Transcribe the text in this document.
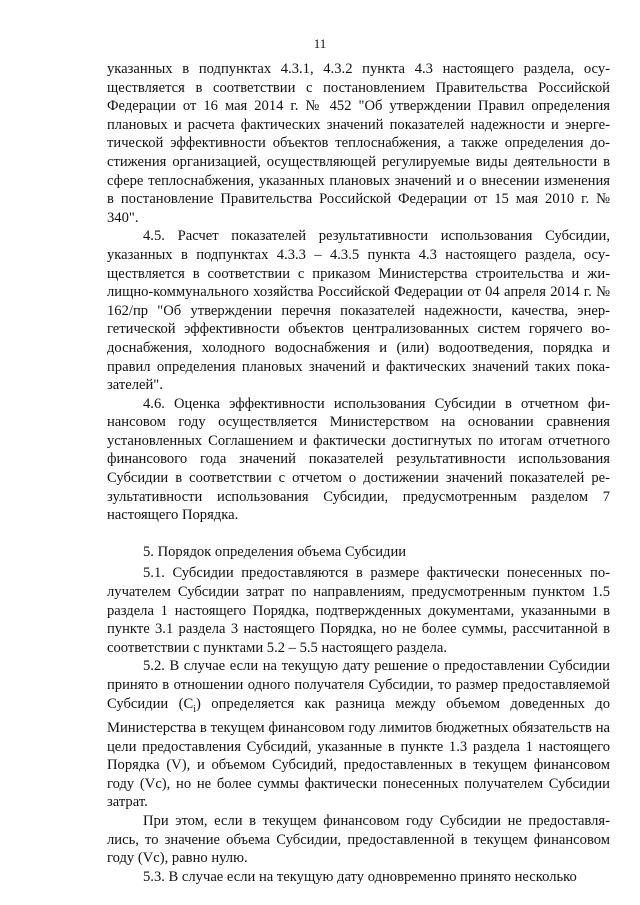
11

указанных в подпунктах 4.3.1, 4.3.2 пункта 4.3 настоящего раздела, осуществляется в соответствии с постановлением Правительства Российской Федерации от 16 мая 2014 г. № 452 "Об утверждении Правил определения плановых и расчета фактических значений показателей надежности и энергетической эффективности объектов теплоснабжения, а также определения достижения организацией, осуществляющей регулируемые виды деятельности в сфере теплоснабжения, указанных плановых значений и о внесении изменения в постановление Правительства Российской Федерации от 15 мая 2010 г. № 340".

4.5. Расчет показателей результативности использования Субсидии, указанных в подпунктах 4.3.3 – 4.3.5 пункта 4.3 настоящего раздела, осуществляется в соответствии с приказом Министерства строительства и жилищно-коммунального хозяйства Российской Федерации от 04 апреля 2014 г. № 162/пр "Об утверждении перечня показателей надежности, качества, энергетической эффективности объектов централизованных систем горячего водоснабжения, холодного водоснабжения и (или) водоотведения, порядка и правил определения плановых значений и фактических значений таких показателей".

4.6. Оценка эффективности использования Субсидии в отчетном финансовом году осуществляется Министерством на основании сравнения установленных Соглашением и фактически достигнутых по итогам отчетного финансового года значений показателей результативности использования Субсидии в соответствии с отчетом о достижении значений показателей результативности использования Субсидии, предусмотренным разделом 7 настоящего Порядка.

5. Порядок определения объема Субсидии

5.1. Субсидии предоставляются в размере фактически понесенных получателем Субсидии затрат по направлениям, предусмотренным пунктом 1.5 раздела 1 настоящего Порядка, подтвержденных документами, указанными в пункте 3.1 раздела 3 настоящего Порядка, но не более суммы, рассчитанной в соответствии с пунктами 5.2 – 5.5 настоящего раздела.

5.2. В случае если на текущую дату решение о предоставлении Субсидии принято в отношении одного получателя Субсидии, то размер предоставляемой Субсидии $(С_i)$ определяется как разница между объемом доведенных до Министерства в текущем финансовом году лимитов бюджетных обязательств на цели предоставления Субсидий, указанные в пункте 1.3 раздела 1 настоящего Порядка (V), и объемом Субсидий, предоставленных в текущем финансовом году (Vc), но не более суммы фактически понесенных получателем Субсидии затрат.

При этом, если в текущем финансовом году Субсидии не предоставлялись, то значение объема Субсидии, предоставленной в текущем финансовом году (Vc), равно нулю.

5.3. В случае если на текущую дату одновременно принято несколько
